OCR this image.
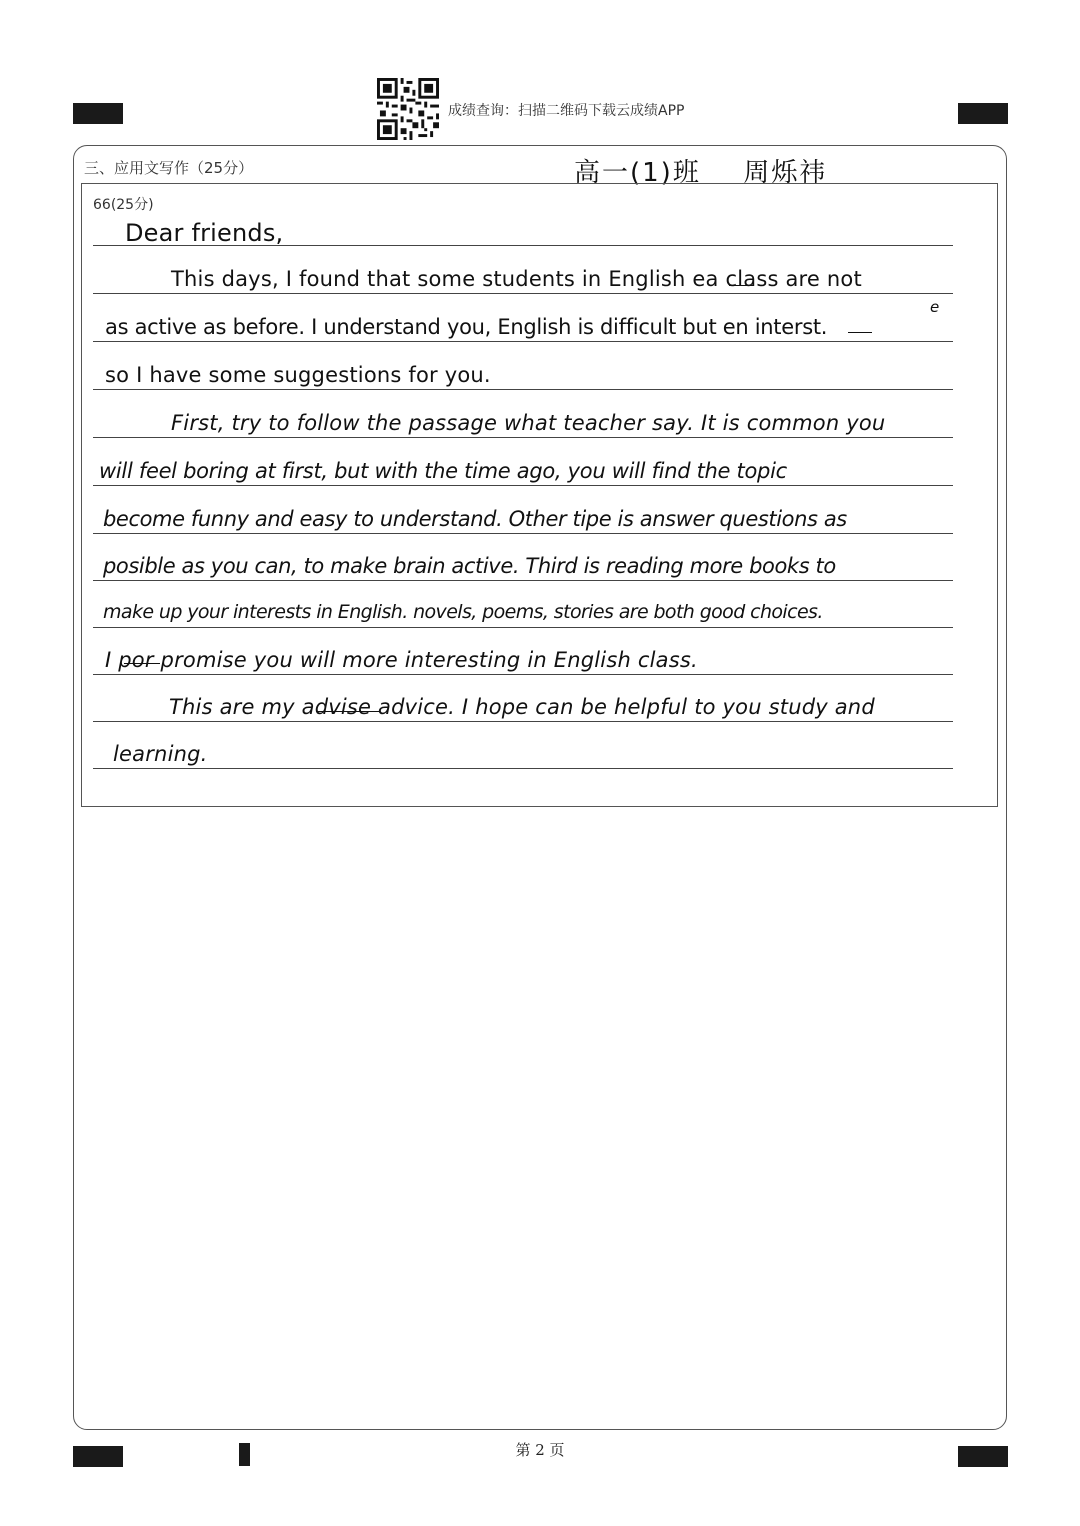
成绩查询：扫描二维码下载云成绩APP
三、应用文写作（25分）	高一(1)班 周烁祎
66(25分)
Dear friends,
This days, I found that some students in English ea class are not
as active as before. I understand you, English is difficult but en interst.
e
so I have some suggestions for you.
First, try to follow the passage what teacher say. It is common you
will feel boring at first, but with the time ago, you will find the topic
become funny and easy to understand. Other tipe is answer questions as
posible as you can, to make brain active. Third is reading more books to
make up your interests in English. novels, poems, stories are both good choices.
I por promise you will more interesting in English class.
This are my advise advice. I hope can be helpful to you study and
learning.
第 2 页
